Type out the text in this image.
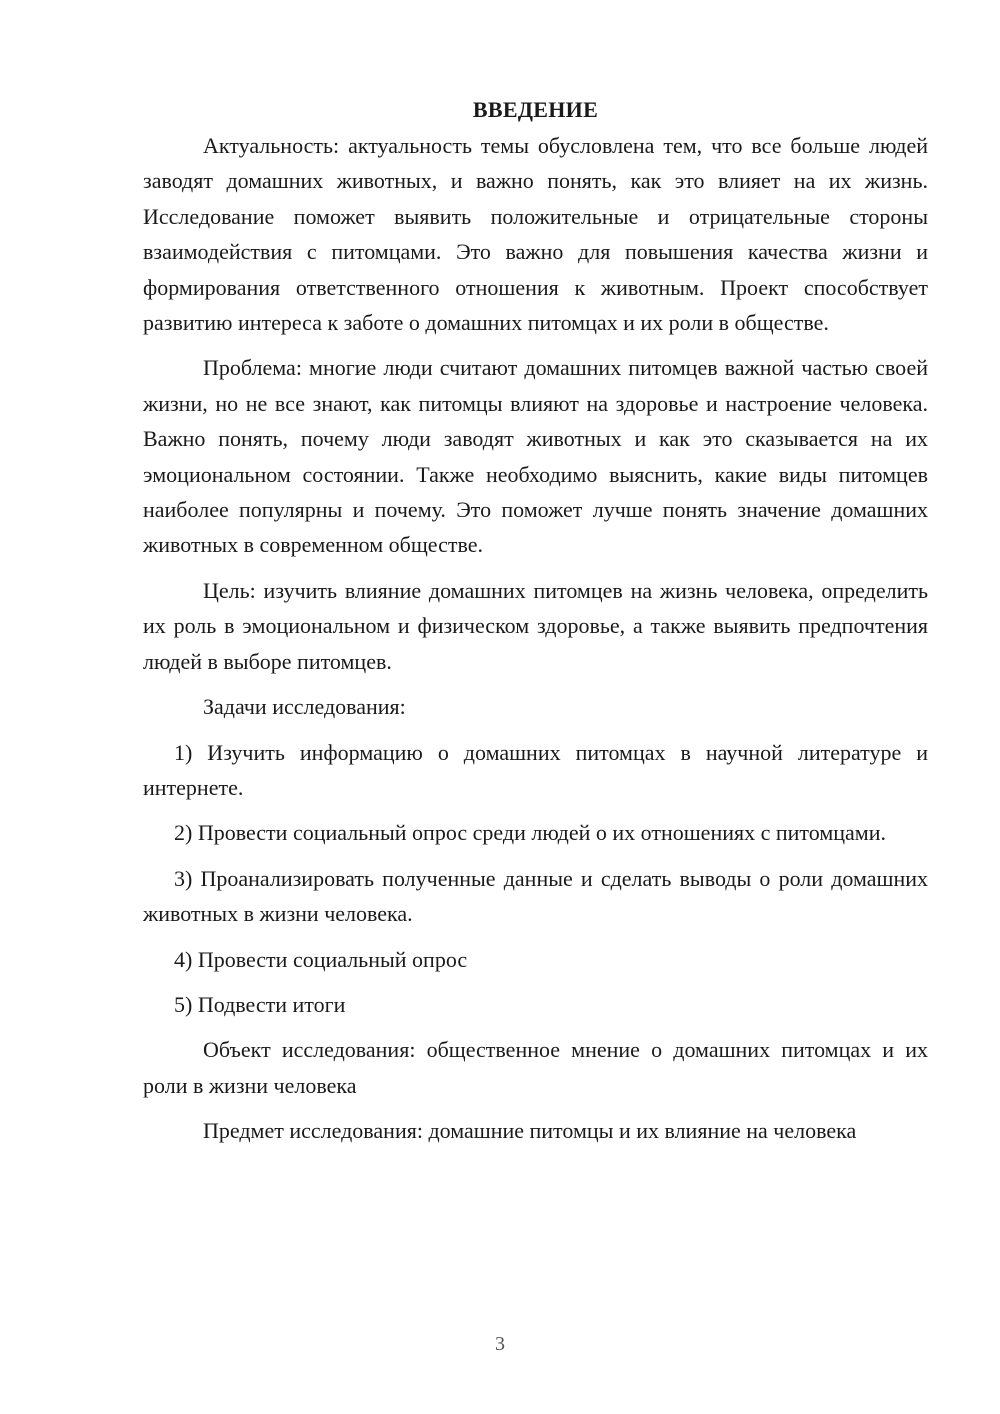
ВВЕДЕНИЕ

Актуальность: актуальность темы обусловлена тем, что все больше людей заводят домашних животных, и важно понять, как это влияет на их жизнь. Исследование поможет выявить положительные и отрицательные стороны взаимодействия с питомцами. Это важно для повышения качества жизни и формирования ответственного отношения к животным. Проект способствует развитию интереса к заботе о домашних питомцах и их роли в обществе.

Проблема: многие люди считают домашних питомцев важной частью своей жизни, но не все знают, как питомцы влияют на здоровье и настроение человека. Важно понять, почему люди заводят животных и как это сказывается на их эмоциональном состоянии. Также необходимо выяснить, какие виды питомцев наиболее популярны и почему. Это поможет лучше понять значение домашних животных в современном обществе.

Цель: изучить влияние домашних питомцев на жизнь человека, определить их роль в эмоциональном и физическом здоровье, а также выявить предпочтения людей в выборе питомцев.

Задачи исследования:

1) Изучить информацию о домашних питомцах в научной литературе и интернете.

2) Провести социальный опрос среди людей о их отношениях с питомцами.

3) Проанализировать полученные данные и сделать выводы о роли домашних животных в жизни человека.

4) Провести социальный опрос

5) Подвести итоги

Объект исследования: общественное мнение о домашних питомцах и их роли в жизни человека

Предмет исследования: домашние питомцы и их влияние на человека

3
